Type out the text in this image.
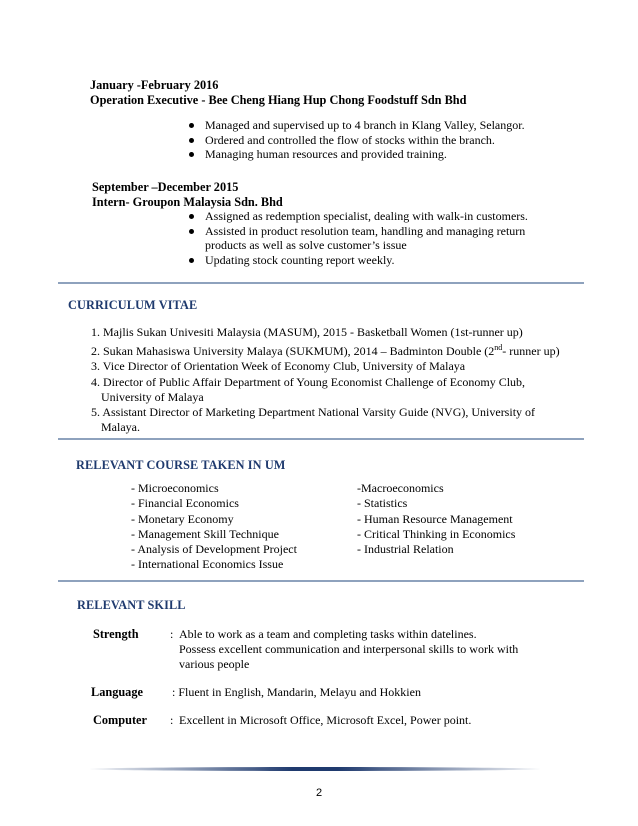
January -February 2016
Operation Executive - Bee Cheng Hiang Hup Chong Foodstuff Sdn Bhd
Managed and supervised up to 4 branch in Klang Valley, Selangor.
Ordered and controlled the flow of stocks within the branch.
Managing human resources and provided training.
September –December 2015
Intern- Groupon Malaysia Sdn. Bhd
Assigned as redemption specialist, dealing with walk-in customers.
Assisted in product resolution team, handling and managing return products as well as solve customer’s issue
Updating stock counting report weekly.
CURRICULUM VITAE
1. Majlis Sukan Univesiti Malaysia (MASUM), 2015 - Basketball Women (1st-runner up)
2. Sukan Mahasiswa University Malaya (SUKMUM), 2014 – Badminton Double (2nd- runner up)
3. Vice Director of Orientation Week of Economy Club, University of Malaya
4. Director of Public Affair Department of Young Economist Challenge of Economy Club, University of Malaya
5. Assistant Director of Marketing Department National Varsity Guide (NVG), University of Malaya.
RELEVANT COURSE TAKEN IN UM
- Microeconomics
- Financial Economics
- Monetary Economy
- Management Skill Technique
- Analysis of Development Project
- International Economics Issue
-Macroeconomics
- Statistics
- Human Resource Management
- Critical Thinking in Economics
- Industrial Relation
RELEVANT SKILL
Strength	: Able to work as a team and completing tasks within datelines.
Possess excellent communication and interpersonal skills to work with various people
Language : Fluent in English, Mandarin, Melayu and Hokkien
Computer : Excellent in Microsoft Office, Microsoft Excel, Power point.
2
